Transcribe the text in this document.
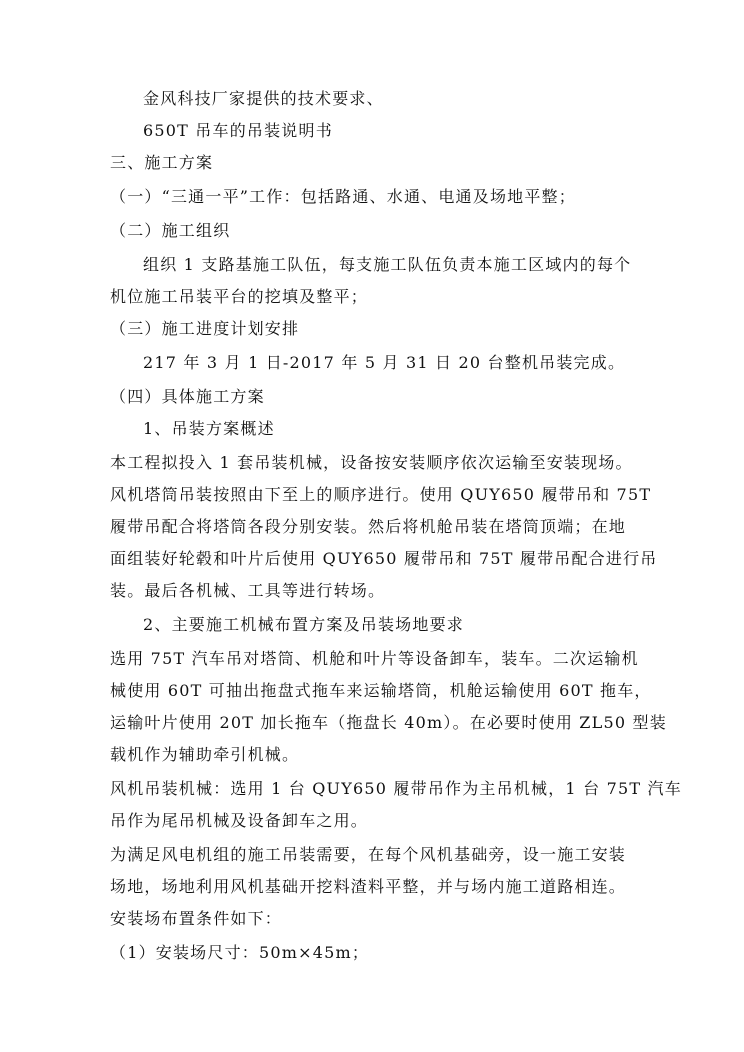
金风科技厂家提供的技术要求、
650T 吊车的吊装说明书
三、施工方案
（一）“三通一平”工作：包括路通、水通、电通及场地平整；
（二）施工组织
组织 1 支路基施工队伍，每支施工队伍负责本施工区域内的每个
机位施工吊装平台的挖填及整平；
（三）施工进度计划安排
217 年 3 月 1 日-2017 年 5 月 31 日 20 台整机吊装完成。
（四）具体施工方案
1、吊装方案概述
本工程拟投入 1 套吊装机械，设备按安装顺序依次运输至安装现场。
风机塔筒吊装按照由下至上的顺序进行。使用 QUY650 履带吊和 75T
履带吊配合将塔筒各段分别安装。然后将机舱吊装在塔筒顶端；在地
面组装好轮毂和叶片后使用 QUY650 履带吊和 75T 履带吊配合进行吊
装。最后各机械、工具等进行转场。
2、主要施工机械布置方案及吊装场地要求
选用 75T 汽车吊对塔筒、机舱和叶片等设备卸车，装车。二次运输机
械使用 60T 可抽出拖盘式拖车来运输塔筒，机舱运输使用 60T 拖车，
运输叶片使用 20T 加长拖车（拖盘长 40m）。在必要时使用 ZL50 型装
载机作为辅助牵引机械。
风机吊装机械：选用 1 台 QUY650 履带吊作为主吊机械，1 台 75T 汽车
吊作为尾吊机械及设备卸车之用。
为满足风电机组的施工吊装需要，在每个风机基础旁，设一施工安装
场地，场地利用风机基础开挖料渣料平整，并与场内施工道路相连。
安装场布置条件如下：
（1）安装场尺寸：50m×45m；
